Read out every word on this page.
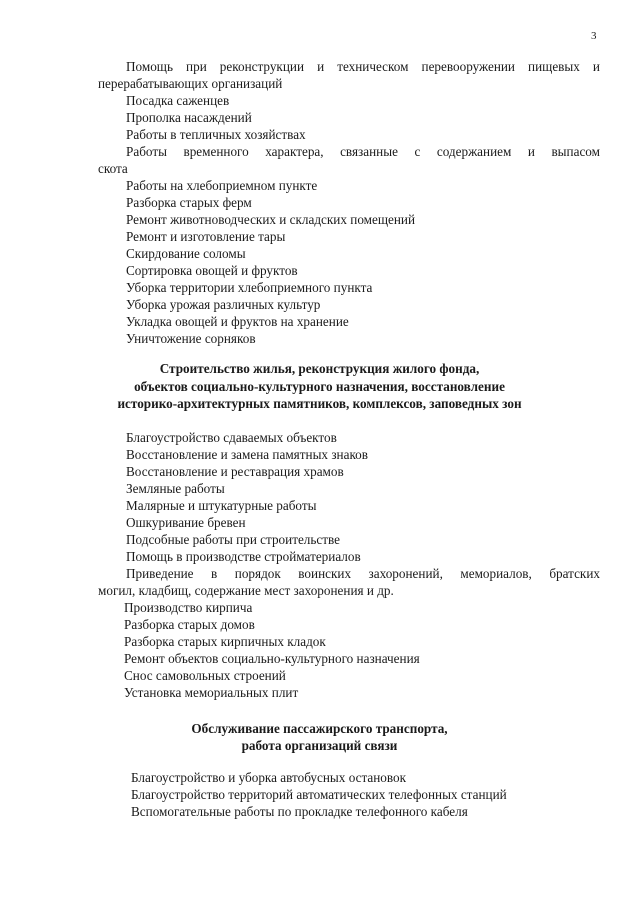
3
Помощь при реконструкции и техническом перевооружении пищевых и
перерабатывающих организаций
Посадка саженцев
Прополка насаждений
Работы в тепличных хозяйствах
Работы временного характера, связанные с содержанием и выпасом
скота
Работы на хлебоприемном пункте
Разборка старых ферм
Ремонт животноводческих и складских помещений
Ремонт и изготовление тары
Скирдование соломы
Сортировка овощей и фруктов
Уборка территории хлебоприемного пункта
Уборка урожая различных культур
Укладка овощей и фруктов на хранение
Уничтожение сорняков
Строительство жилья, реконструкция жилого фонда,
объектов социально-культурного назначения, восстановление
историко-архитектурных памятников, комплексов, заповедных зон
Благоустройство сдаваемых объектов
Восстановление и замена памятных знаков
Восстановление и реставрация храмов
Земляные работы
Малярные и штукатурные работы
Ошкуривание бревен
Подсобные работы при строительстве
Помощь в производстве стройматериалов
Приведение в порядок воинских захоронений, мемориалов, братских
могил, кладбищ, содержание мест захоронения и др.
Производство кирпича
Разборка старых домов
Разборка старых кирпичных кладок
Ремонт объектов социально-культурного назначения
Снос самовольных строений
Установка мемориальных плит
Обслуживание пассажирского транспорта,
работа организаций связи
Благоустройство и уборка автобусных остановок
Благоустройство территорий автоматических телефонных станций
Вспомогательные работы по прокладке телефонного кабеля
